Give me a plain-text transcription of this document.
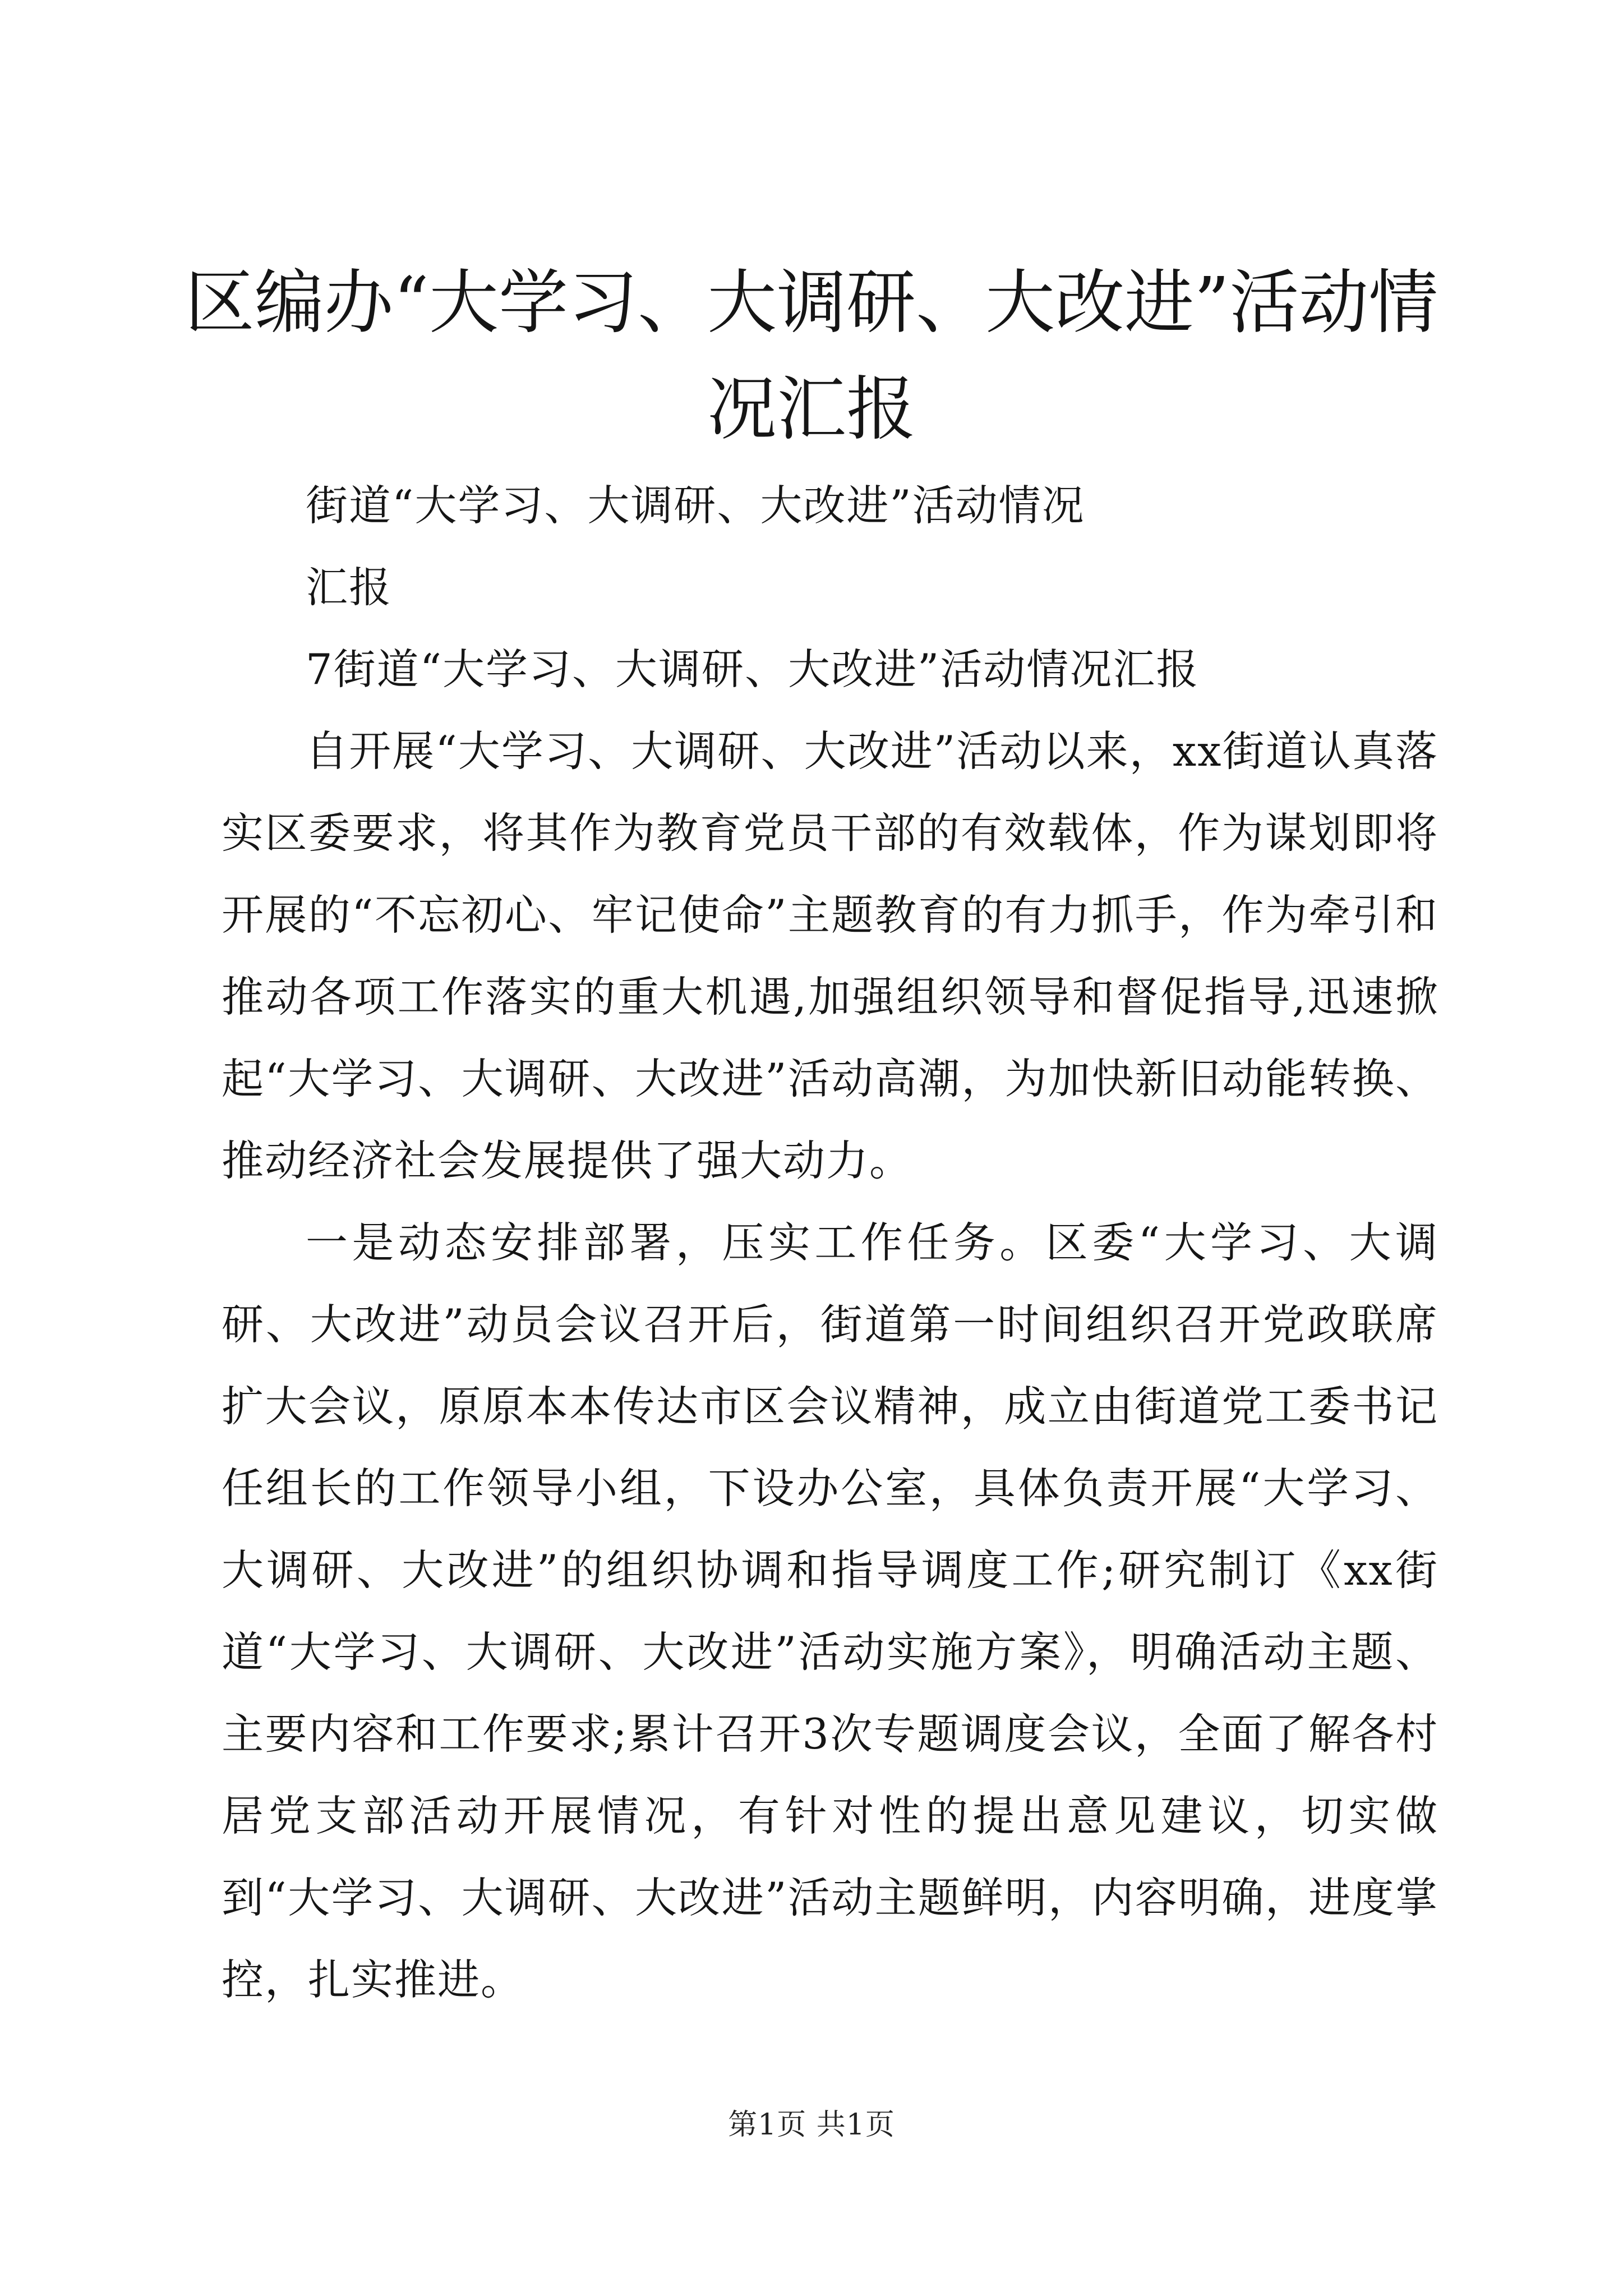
区编办“大学习、大调研、大改进”活动情况汇报

街道“大学习、大调研、大改进”活动情况

汇报

7街道“大学习、大调研、大改进”活动情况汇报

自开展“大学习、大调研、大改进”活动以来，xx街道认真落实区委要求，将其作为教育党员干部的有效载体，作为谋划即将开展的“不忘初心、牢记使命”主题教育的有力抓手，作为牵引和推动各项工作落实的重大机遇,加强组织领导和督促指导,迅速掀起“大学习、大调研、大改进”活动高潮，为加快新旧动能转换、推动经济社会发展提供了强大动力。

一是动态安排部署，压实工作任务。区委“大学习、大调研、大改进”动员会议召开后，街道第一时间组织召开党政联席扩大会议，原原本本传达市区会议精神，成立由街道党工委书记任组长的工作领导小组，下设办公室，具体负责开展“大学习、大调研、大改进”的组织协调和指导调度工作;研究制订《xx街道“大学习、大调研、大改进”活动实施方案》，明确活动主题、主要内容和工作要求;累计召开3次专题调度会议，全面了解各村居党支部活动开展情况，有针对性的提出意见建议，切实做到“大学习、大调研、大改进”活动主题鲜明，内容明确，进度掌控，扎实推进。

第1页 共1页
